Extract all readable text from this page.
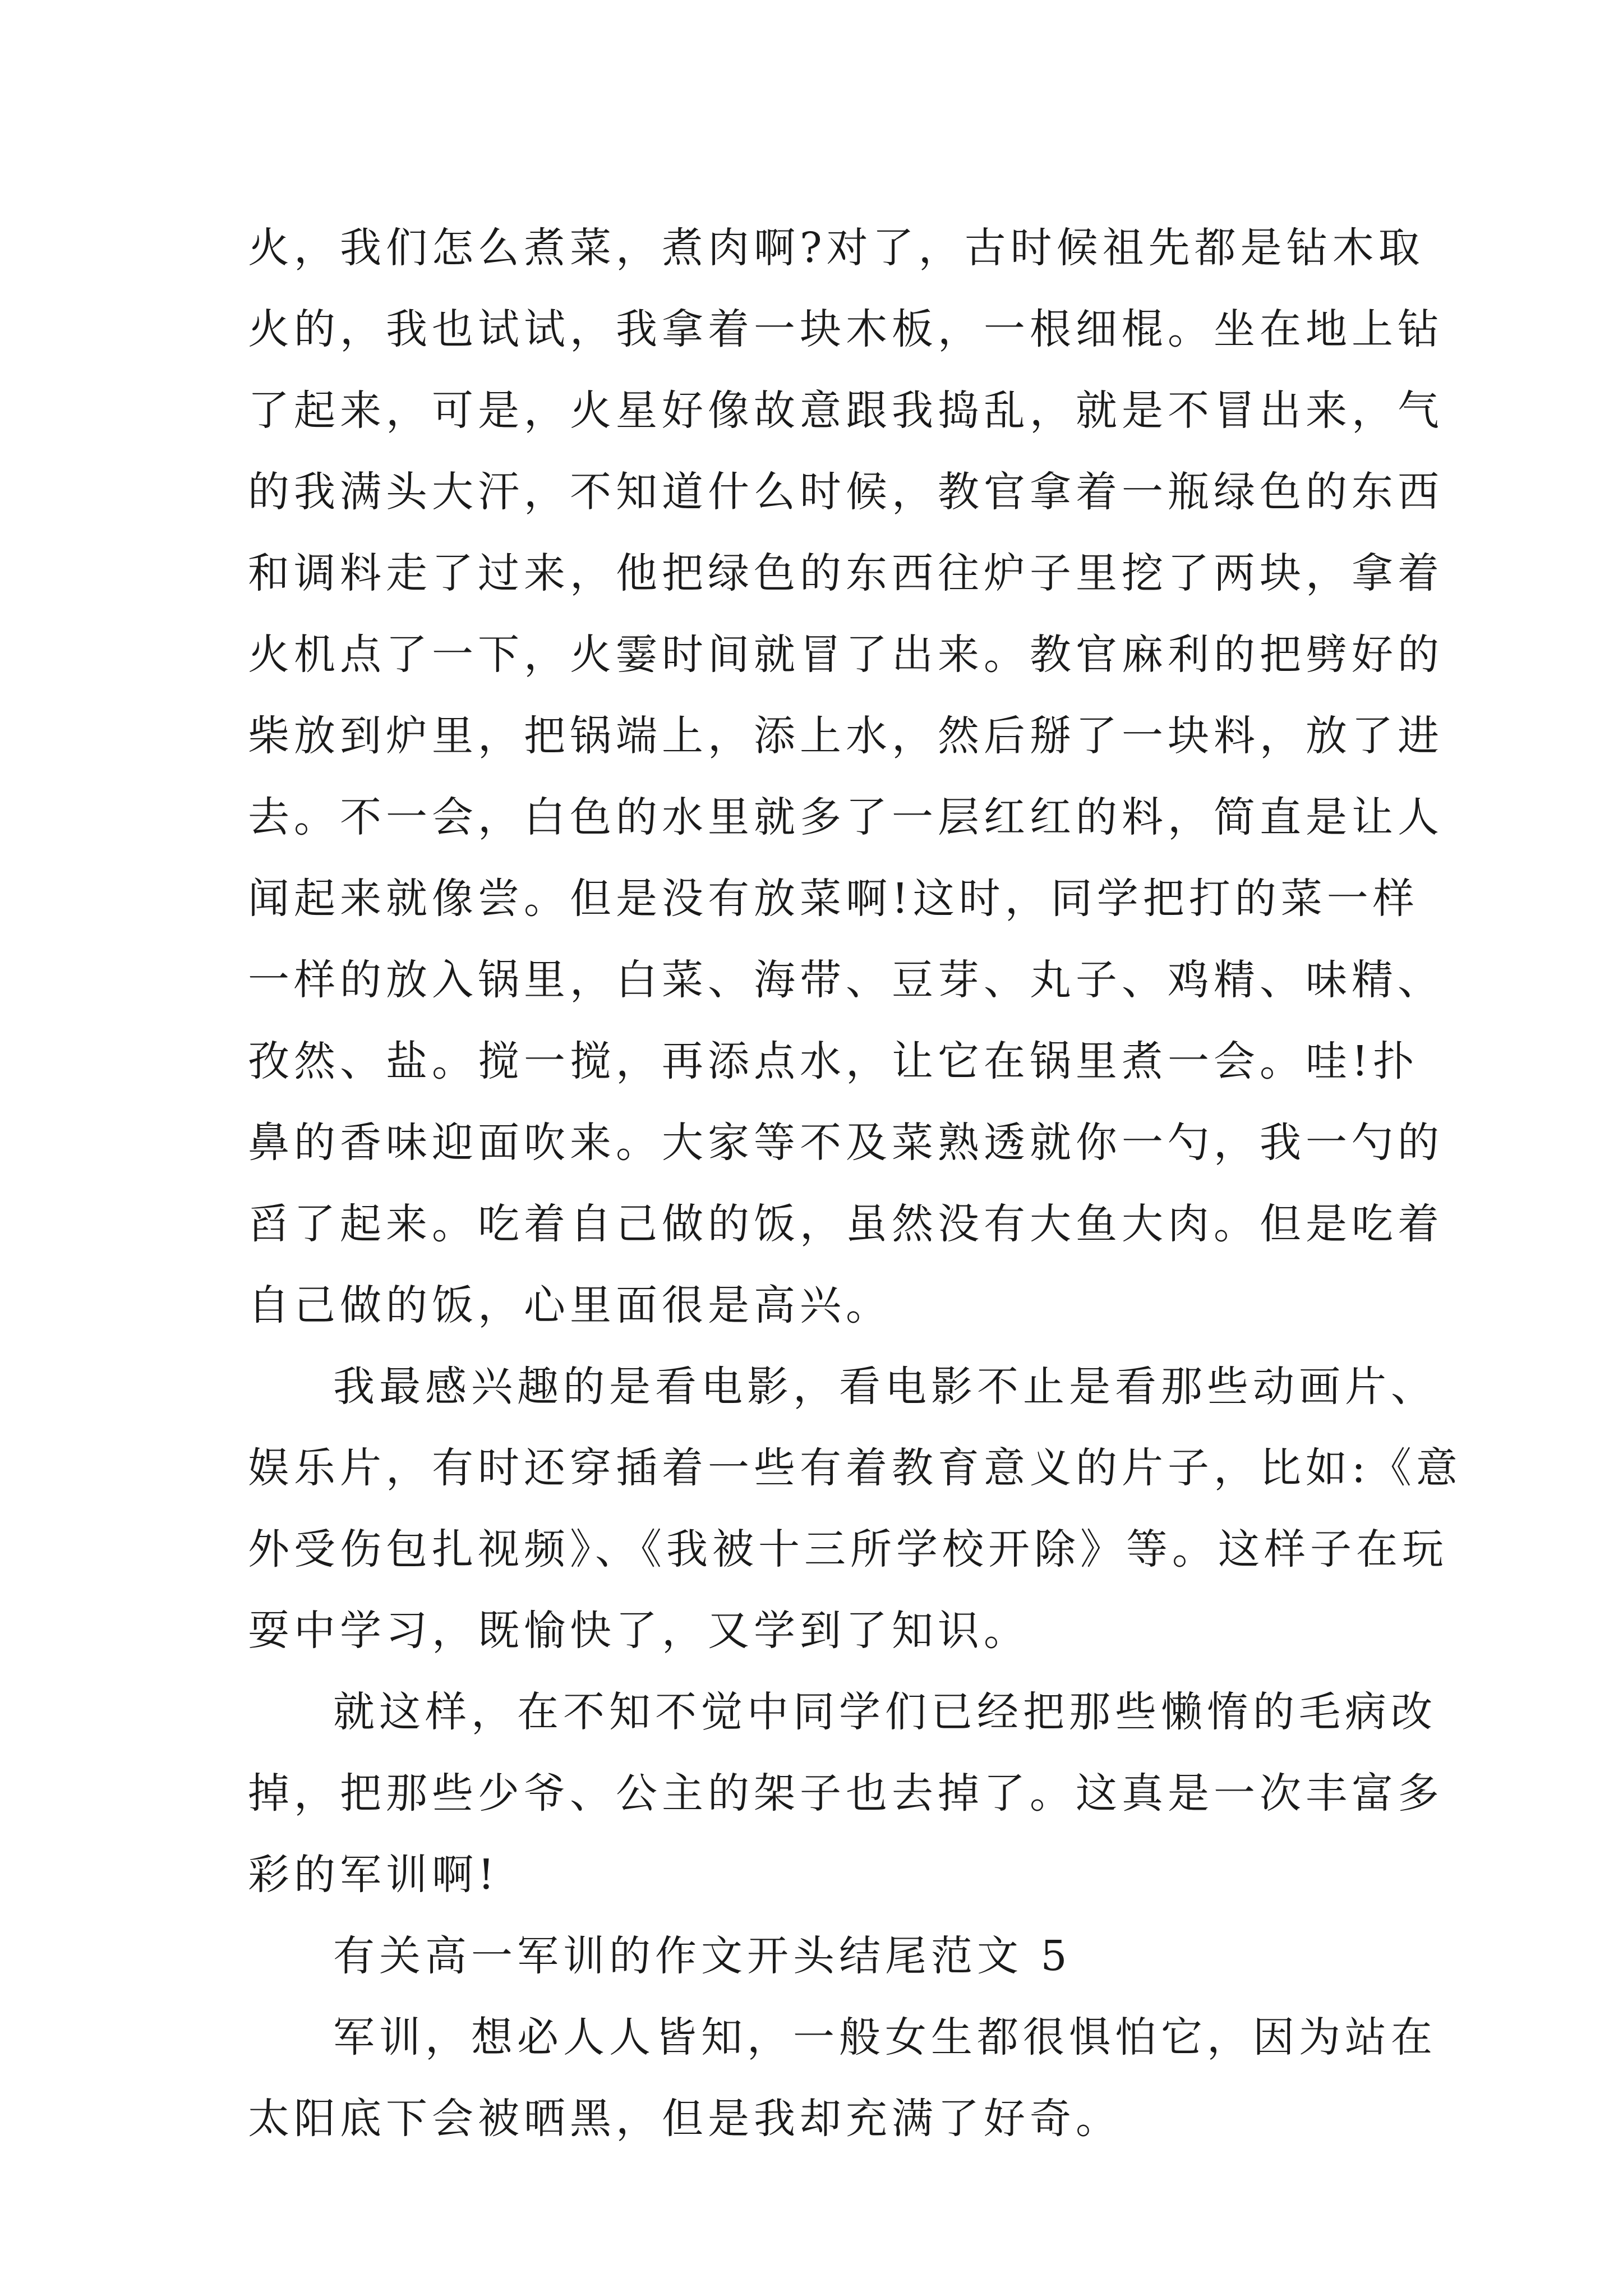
火，我们怎么煮菜，煮肉啊?对了，古时候祖先都是钻木取
火的，我也试试，我拿着一块木板，一根细棍。坐在地上钻
了起来，可是，火星好像故意跟我捣乱，就是不冒出来，气
的我满头大汗，不知道什么时候，教官拿着一瓶绿色的东西
和调料走了过来，他把绿色的东西往炉子里挖了两块，拿着
火机点了一下，火霎时间就冒了出来。教官麻利的把劈好的
柴放到炉里，把锅端上，添上水，然后掰了一块料，放了进
去。不一会，白色的水里就多了一层红红的料，简直是让人
闻起来就像尝。但是没有放菜啊!这时，同学把打的菜一样
一样的放入锅里，白菜、海带、豆芽、丸子、鸡精、味精、
孜然、盐。搅一搅，再添点水，让它在锅里煮一会。哇!扑
鼻的香味迎面吹来。大家等不及菜熟透就你一勺，我一勺的
舀了起来。吃着自己做的饭，虽然没有大鱼大肉。但是吃着
自己做的饭，心里面很是高兴。
我最感兴趣的是看电影，看电影不止是看那些动画片、
娱乐片，有时还穿插着一些有着教育意义的片子，比如:《意
外受伤包扎视频》、《我被十三所学校开除》等。这样子在玩
耍中学习，既愉快了，又学到了知识。
就这样，在不知不觉中同学们已经把那些懒惰的毛病改
掉，把那些少爷、公主的架子也去掉了。这真是一次丰富多
彩的军训啊!
有关高一军训的作文开头结尾范文 5
军训，想必人人皆知，一般女生都很惧怕它，因为站在
太阳底下会被晒黑，但是我却充满了好奇。
